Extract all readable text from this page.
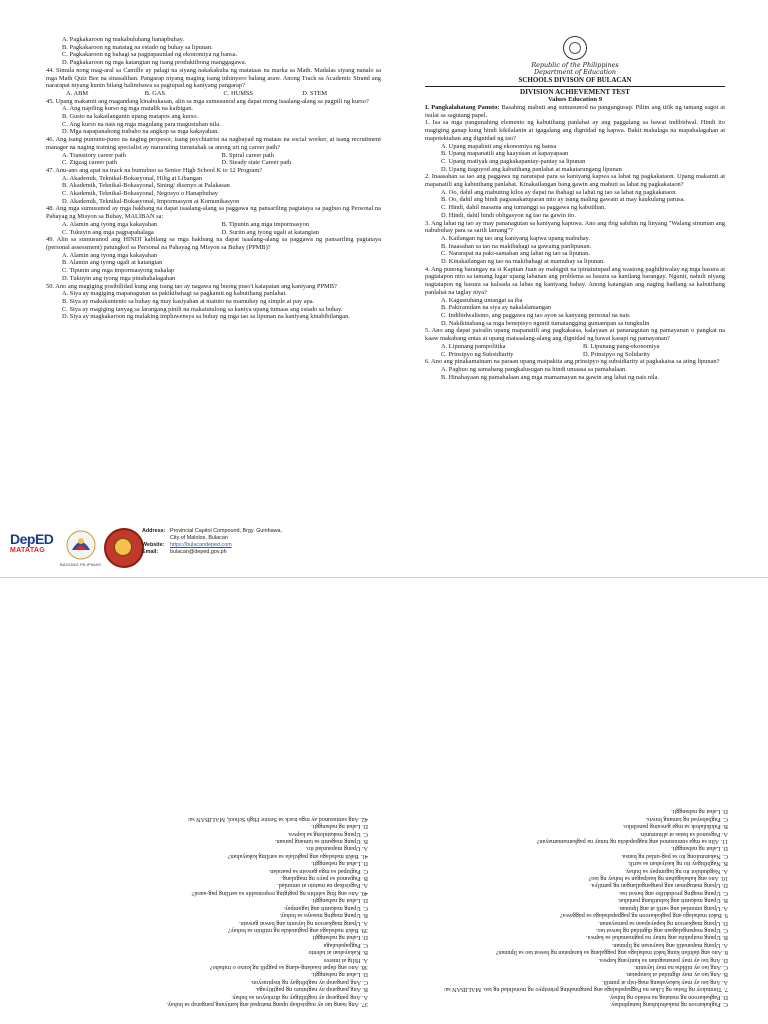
A. Pagkakaroon ng makabuluhang hanapbuhay.
B. Pagkakaroon ng matatag na estado ng buhay sa lipunan.
C. Pagkakaroon ng bahagi sa pagpapaunlad ng ekonomiya ng bansa.
D. Pagkakaroon ng mga katangian ng isang produktibong manggagawa.
44. Simula nong mag-aral sa Camille ay palagi na siyang nakakakuha ng matataas na marka sa Math. Madalas siyang nanalo sa mga Math Quiz Bee na sinasalihan. Pangarap niyang maging isang inhinyero balang araw. Anong Track sa Academic Strand ang nararapat niyang kunin bilang halimbawa sa pagtupad ng kaniyang pangarap?
A. ABM	B. GAS	C. HUMSS	D. STEM
45. Upang makamit ang magandang kinabukasan, alin sa mga sumusunod ang dapat mong isaalang-alang sa pagpili ng kurso?
A. Ang napiling kurso ng mga matalik na kaibigan.
B. Gusto na kakailanganin upang matapos ang kurso.
C. Ang kurso na nais ng mga magulang para magustuhan nila.
D. Mga napapanahong trabaho na angkop sa mga kakayahan.
46. Ang isang pumunu-puno na naging propesor, isang psychiatrist na nagbayad ng mataas na social worker, at isang recruitment manager na naging training specialist ay mararating tumatahak sa anong uri ng career path?
A. Transitory career path	B. Spiral career path
C. Zigzag career path	D. Steady state Career path
47. Anu-ano ang apat na track na bumubuo sa Senior High School K to 12 Program?
A. Akademik, Teknikal-Bokasyonal, Hilig at Libangan
B. Akademik, Teknikal-Bokasyonal, Sining/ disenyo at Palakasan
C. Akademik, Teknikal-Bokasyonal, Negosyo o Hanapbuhay
D. Akademik, Teknikal-Bokasyonal, Impormasyon at Komunikasyon
48. Ang mga sumusunod ay mga hakbang na dapat isaalang-alang sa paggawa ng pansariling pagtataya sa pagbuo ng Personal na Pahayag ng Misyon sa Buhay, MALIBAN sa:
A. Alamin ang iyong mga kakayahan	B. Tipunin ang mga impormasyon
C. Tukuyin ang mga pagpapahalaga	D. Suriin ang iyong ugali at katangian
49. Alin sa sumusunod ang HINDI kabilang sa mga hakbang na dapat isaalang-alang sa paggawa ng pansariling pagtataya (personal assessment) patungkol sa Personal na Pahayag ng Misyon sa Buhay (PPMB)?
A. Alamin ang iyong mga kakayahan
B. Alamin ang iyong ugali at katangian
C. Tipunin ang mga impormasyong nakalap
D. Tukuyin ang iyong mga pinahahalagahan
50. Ano ang magiging posibilidad kung ang isang tao ay nagawa ng buong puso't katapatan ang kaniyang PPMB?
A. Siya ay magiging mapanagutan sa pakikibahagi sa pagkamit ng kabutihang panlahat.
B. Siya ay makukuntento sa buhay ng may kasiyahan at matuto na mamuhay ng simple at pay apa.
C. Siya ay magiging tanyag sa larangang pinili na makatutulong sa kaniya upang tumaas ang estado sa buhay.
D. Siya ay magkakaroon ng malaking impluwensya sa buhay ng mga tao sa lipunan na kaniyang kinabibilangan.
Republic of the Philippines
Department of Education
SCHOOLS DIVISON OF BULACAN
DIVISION ACHIEVEMENT TEST
Values Education 9
I. Pangkalahatang Panuto: Basahing mabuti ang sumusunod na pangungusap. Piliin ang titik ng tamang sagot at isulat sa sagutang papel.
1. Isa sa mga pangunahing elemento ng kabutihang panlahat ay ang paggalang sa bawat indibidwal. Hindi ito magiging ganap kung hindi kikilalanin at igagalang ang dignidad ng kapwa. Bakit mahalaga na mapahalagahan at mapotektahan ang dignidad ng tao?
A. Upang mapabuti ang ekonomiya ng bansa
B. Upang mapanatili ang kaayusan at kapayapaan
C. Upang matiyak ang pagkakapantay-pantay sa lipunan
D. Upang itaguyod ang kabutihang panlahat at makatarungang lipunan
2. Inaasahan sa tao ang paggawa ng nararapat para sa kaniyang kapwa sa lahat ng pagkakataon. Upang makamit at mapanatili ang kabutihang panlahat. Kinakailangan bang gawin ang mabuti sa lahat ng pagkakataon?
A. Oo, dahil ang mabuting kilos ay dapat na ibahagi sa lahat ng tao sa lahat ng pagkakataon.
B. Oo, dahil ang hindi pagsasakatuparan nito ay isang maling gawain at may kaukulang parusa.
C. Hindi, dahil masama ang tumanggi sa paggawa ng kabutihan.
D. Hindi, dahil hindi obligasyon ng tao na gawin ito.
3. Ang lahat ng tao ay may pananagutan sa kaniyang kapuwa. Ano ang ibig sabihin ng linyang "Walang sinuman ang nabubuhay para sa sarili lamang"?
A. Kailangan ng tao ang kaniyang kapwa upang mabuhay.
B. Inaasahan sa tao na makibahagi sa gawaing panlipunan.
C. Nararapat na paki-samahan ang lahat ng tao sa lipunan.
D. Kinakailangan ng tao na makibahagi at mamuhay sa lipunan.
4. Ang punong barangay na si Kapitan Juan ay mahigpit na ipinatutupad ang wastong paghihiwalay ng mga basura at pagtatapon nito sa tamang lugar upang labanan ang problema sa basura sa kanilang barangay. Ngunit, nahuli niyang nagtatapon ng basura sa kalsada sa labas ng kaniyang bahay. Anong katangian ang naging hadlang sa kabutihang panlahat na taglay niya?
A. Kagustuhang umangat sa iba
B. Pakiramdam na siya ay nakalalamangan
C. Indibidwalismo, ang paggawa ng tao ayon sa kanyang personal na nais
D. Nakikinabang sa mga benepisyo ngunit tumatangging gumampan sa tungkulin
5. Ano ang dapat pairalin upang mapanatili ang pagkakaisa, kalayaan at pananagutan ng pamayanan o pangkat na kaaw makabang entas at upang maisaalang-alang ang dignidad ng bawat kasapi ng pamayanan?
A. Lipunang pampolitika	B. Lipunang pang-ekonomiya
C. Prinsipyo ng Subsidiarity	D. Prinsipyo ng Solidarity
6. Ano ang pinakamainam na paraan upang maipakita ang prinsipyo ng subsidiarity at pagkakaisa sa ating lipunan?
A. Pagbuo ng samahang pangkalusugan na hindi umaasa sa pamahalaan.
B. Hinahayaan ng pamahalaan ang mga mamamayan na gawin ang lahat ng nais nila.
DepED
MATATAG
BAGONG PILIPINAS
Address: Provincial Capitol Compound, Brgy. Guinhawa,
City of Malolos, Bulacan
Website: https://bulacandeped.com
Email: bulacan@deped.gov.ph
C. Pagkakaroon ng makabuluhang hanapbuhay.
D. Pagkakaroon ng matatag na estado ng buhay.
7. Tinutukoy ng Batas ng Likas na Pagpapahalaga ang pangunahing prinsipyo ng moralidad ng tao. MALIBAN sa:
A. Ang tao ay may kakayahang mag-isip at pumili.
B. Ang tao ay may dignidad at karapatan.
C. Ang tao ay nilikha na may layunin.
D. Ang tao ay may pananagutan sa kaniyang kapwa.
8. Ano ang dahilan kung bakit mahalaga ang paggalang sa karapatan ng bawat tao sa lipunan?
A. Upang mapanatili ang kaayusan ng lipunan.
B. Upang maipakita ang tunay na pagmamahal sa kapwa.
C. Upang mapangalagaan ang dignidad ng bawat tao.
D. Upang magkaroon ng kapayapaan sa pamayanan.
9. Bakit mahalaga ang pagkakaroon ng pagpapahalaga sa paggawa?
A. Upang umunlad ang sarili at ang lipunan.
B. Upang makamit ang kabutihang panlahat.
C. Upang maging produktibo ang bawat isa.
D. Upang matugunan ang pangangailangan ng pamilya.
10. Ano ang kahalagahan ng kasipagan sa buhay ng tao?
A. Nagdudulot ito ng tagumpay sa buhay.
B. Nagbibigay ito ng kasiyahan sa sarili.
C. Nakatutulong ito sa pag-unlad ng bansa.
D. Lahat ng nabanggit.
11. Alin sa mga sumusunod ang nagpapakita ng tunay na pagkamamamayan?
A. Pagsunod sa batas at alituntunin.
B. Pakikilahok sa mga gawaing pansibiko.
C. Pagbabayad ng tamang buwis.
D. Lahat ng nabanggit.
37. Ang isang tao ay nagsisikap upang matupad ang kaniyang pangarap sa buhay.
A. Ang pangarap ay nagbibigay ng direksyon sa buhay.
B. Ang pangarap ay nagtuturo ng pagtitiyaga.
C. Ang pangarap ay nagbibigay ng inspirasyon.
D. Lahat ng nabanggit.
38. Ano ang dapat isaalang-alang sa pagpili ng kurso o trabaho?
A. Hilig at interes
B. Kakayahan at talento
C. Pagpapahalaga
D. Lahat ng nabanggit
39. Bakit mahalaga ang pagtatakda ng mithiin sa buhay?
A. Upang magkaroon ng layunin ang bawat gawain.
B. Upang maging masaya sa buhay.
C. Upang makamit ang tagumpay.
D. Lahat ng nabanggit.
40. Ano ang ibig sabihin ng pagiging responsable sa sariling pag-aaral?
A. Pagsisikap na matuto at umunlad.
B. Pagsunod sa payo ng magulang.
C. Pagtupad sa mga gawain sa paaralan.
D. Lahat ng nabanggit.
41. Bakit mahalaga ang pagkilala sa sariling kakayahan?
A. Upang mapaunlad ito.
B. Upang magamit sa tamang paraan.
C. Upang makatulong sa kapwa.
D. Lahat ng nabanggit.
42. Ang sumusunod ay mga track sa Senior High School, MALIBAN sa:
